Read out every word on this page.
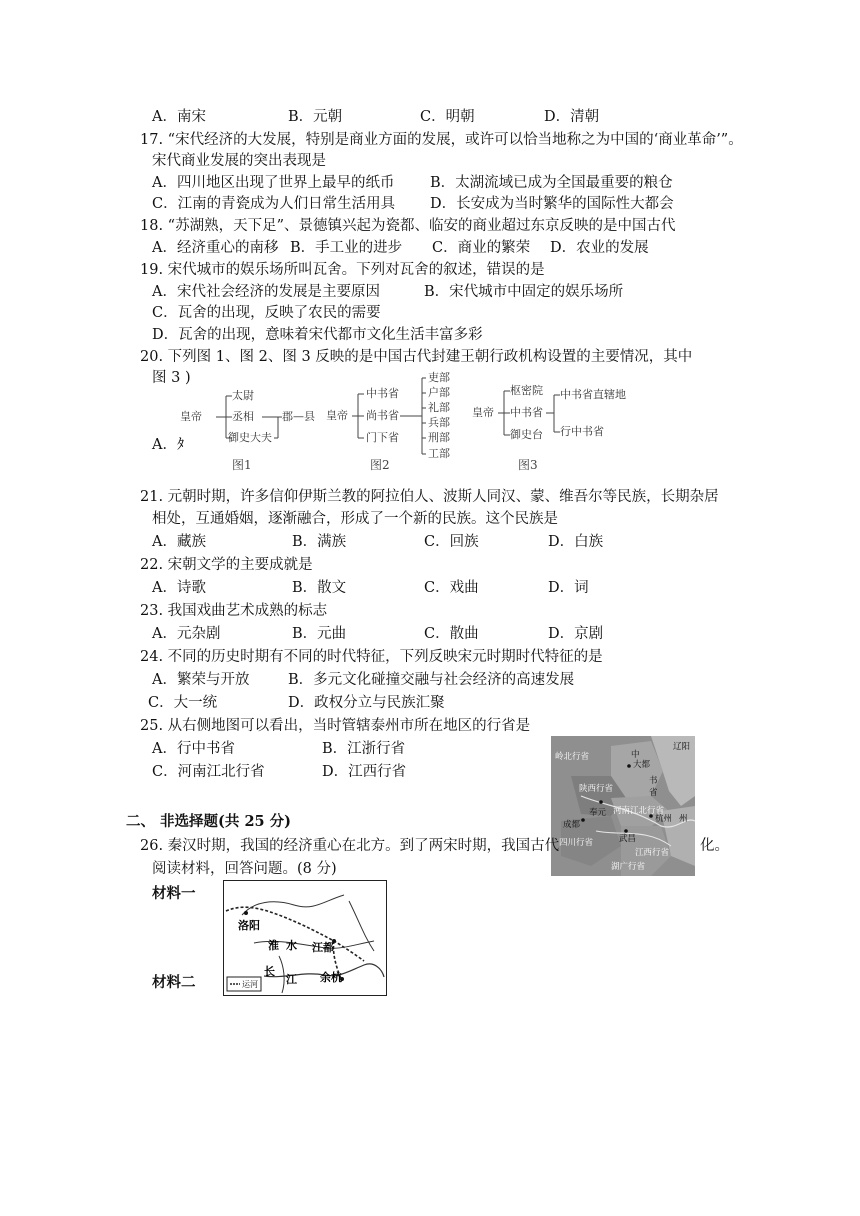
A．南宋	B．元朝	C．明朝	D．清朝
17. “宋代经济的大发展，特别是商业方面的发展，或许可以恰当地称之为中国的‘商业革命’”。
宋代商业发展的突出表现是
A．四川地区出现了世界上最早的纸币 B．太湖流域已成为全国最重要的粮仓
C．江南的青瓷成为人们日常生活用具 D．长安成为当时繁华的国际性大都会
18. “苏湖熟，天下足”、景德镇兴起为瓷都、临安的商业超过东京反映的是中国古代
A．经济重心的南移 B．手工业的进步 C．商业的繁荣 D．农业的发展
19. 宋代城市的娱乐场所叫瓦舍。下列对瓦舍的叙述，错误的是
A．宋代社会经济的发展是主要原因	B．宋代城市中固定的娱乐场所
C．瓦舍的出现，反映了农民的需要
D．瓦舍的出现，意味着宋代都市文化生活丰富多彩
20. 下列图 1、图 2、图 3 反映的是中国古代封建王朝行政机构设置的主要情况，其中
图 3 )
皇帝
太尉
丞相
御史大夫
郡—县
图1
皇帝
中书省
尚书省
门下省
吏部
户部
礼部
兵部
刑部
工部
图2
皇帝
枢密院
中书省
御史台
中书省直辖地
行中书省
图3
A．ﾀ
21. 元朝时期，许多信仰伊斯兰教的阿拉伯人、波斯人同汉、蒙、维吾尔等民族，长期杂居
相处，互通婚姻，逐渐融合，形成了一个新的民族。这个民族是
A．藏族	B．满族	C．回族	D．白族
22. 宋朝文学的主要成就是
A．诗歌	B．散文	C．戏曲	D．词
23. 我国戏曲艺术成熟的标志
A．元杂剧	B．元曲	C．散曲	D．京剧
24. 不同的历史时期有不同的时代特征，下列反映宋元时期时代特征的是
A．繁荣与开放	B．多元文化碰撞交融与社会经济的高速发展
C．大一统	D．政权分立与民族汇聚
25. 从右侧地图可以看出，当时管辖泰州市所在地区的行省是
A．行中书省	B．江浙行省
C．河南江北行省	D．江西行省
辽阳
中
大都
书
省
岭北行省
陕西行省
奉元 河南江北行省
杭州 州
成都
四川行省	武昌
江西行省
湖广行省
二、 非选择题(共 25 分)
26. 秦汉时期，我国的经济重心在北方。到了两宋时期，我国古代	化。
阅读材料，回答问题。(8 分)
材料一
材料二
洛阳
淮 水 江都
长
江 余杭
运河
